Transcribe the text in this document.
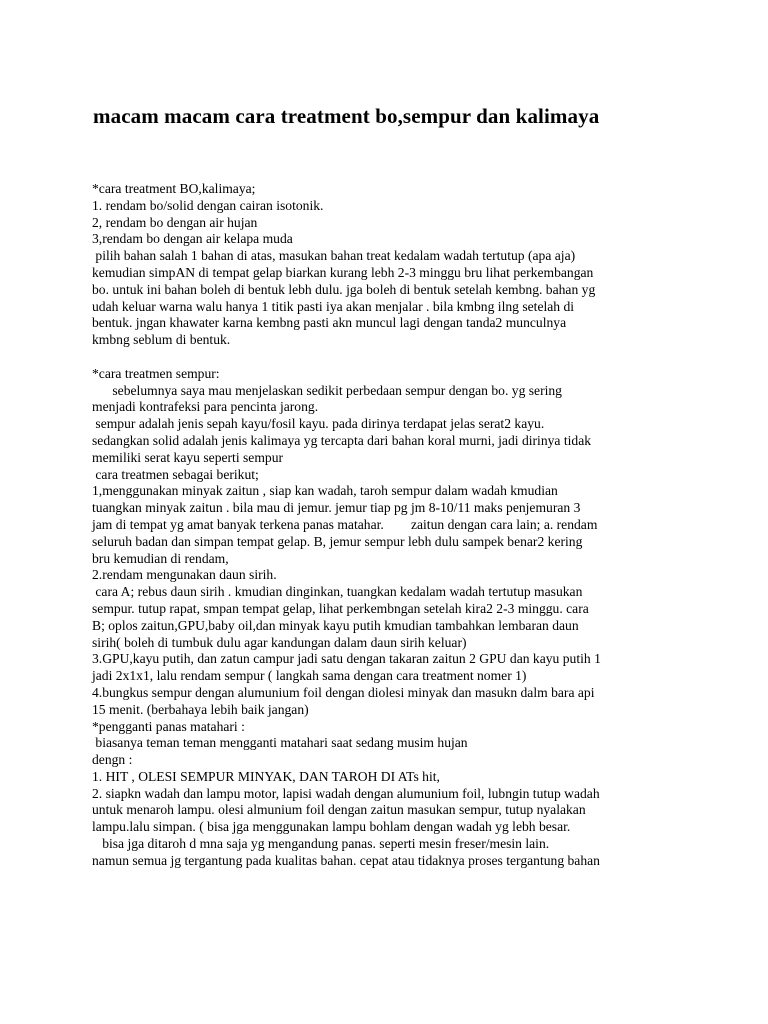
macam macam cara treatment bo,sempur dan kalimaya
*cara treatment BO,kalimaya;
1. rendam bo/solid dengan cairan isotonik.
2, rendam bo dengan air hujan
3,rendam bo dengan air kelapa muda
pilih bahan salah 1 bahan di atas, masukan bahan treat kedalam wadah tertutup (apa aja)
kemudian simpAN di tempat gelap biarkan kurang lebh 2-3 minggu bru lihat perkembangan
bo. untuk ini bahan boleh di bentuk lebh dulu. jga boleh di bentuk setelah kembng. bahan yg
udah keluar warna walu hanya 1 titik pasti iya akan menjalar . bila kmbng ilng setelah di
bentuk. jngan khawater karna kembng pasti akn muncul lagi dengan tanda2 munculnya
kmbng seblum di bentuk.
*cara treatmen sempur:
sebelumnya saya mau menjelaskan sedikit perbedaan sempur dengan bo. yg sering
menjadi kontrafeksi para pencinta jarong.
sempur adalah jenis sepah kayu/fosil kayu. pada dirinya terdapat jelas serat2 kayu.
sedangkan solid adalah jenis kalimaya yg tercapta dari bahan koral murni, jadi dirinya tidak
memiliki serat kayu seperti sempur
cara treatmen sebagai berikut;
1,menggunakan minyak zaitun , siap kan wadah, taroh sempur dalam wadah kmudian
tuangkan minyak zaitun . bila mau di jemur. jemur tiap pg jm 8-10/11 maks penjemuran 3
jam di tempat yg amat banyak terkena panas matahar.        zaitun dengan cara lain; a. rendam
seluruh badan dan simpan tempat gelap. B, jemur sempur lebh dulu sampek benar2 kering
bru kemudian di rendam,
2.rendam mengunakan daun sirih.
cara A; rebus daun sirih . kmudian dinginkan, tuangkan kedalam wadah tertutup masukan
sempur. tutup rapat, smpan tempat gelap, lihat perkembngan setelah kira2 2-3 minggu. cara
B; oplos zaitun,GPU,baby oil,dan minyak kayu putih kmudian tambahkan lembaran daun
sirih( boleh di tumbuk dulu agar kandungan dalam daun sirih keluar)
3.GPU,kayu putih, dan zatun campur jadi satu dengan takaran zaitun 2 GPU dan kayu putih 1
jadi 2x1x1, lalu rendam sempur ( langkah sama dengan cara treatment nomer 1)
4.bungkus sempur dengan alumunium foil dengan diolesi minyak dan masukn dalm bara api
15 menit. (berbahaya lebih baik jangan)
*pengganti panas matahari :
biasanya teman teman mengganti matahari saat sedang musim hujan
dengn :
1. HIT , OLESI SEMPUR MINYAK, DAN TAROH DI ATs hit,
2. siapkn wadah dan lampu motor, lapisi wadah dengan alumunium foil, lubngin tutup wadah
untuk menaroh lampu. olesi almunium foil dengan zaitun masukan sempur, tutup nyalakan
lampu.lalu simpan. ( bisa jga menggunakan lampu bohlam dengan wadah yg lebh besar.
bisa jga ditaroh d mna saja yg mengandung panas. seperti mesin freser/mesin lain.
namun semua jg tergantung pada kualitas bahan. cepat atau tidaknya proses tergantung bahan
